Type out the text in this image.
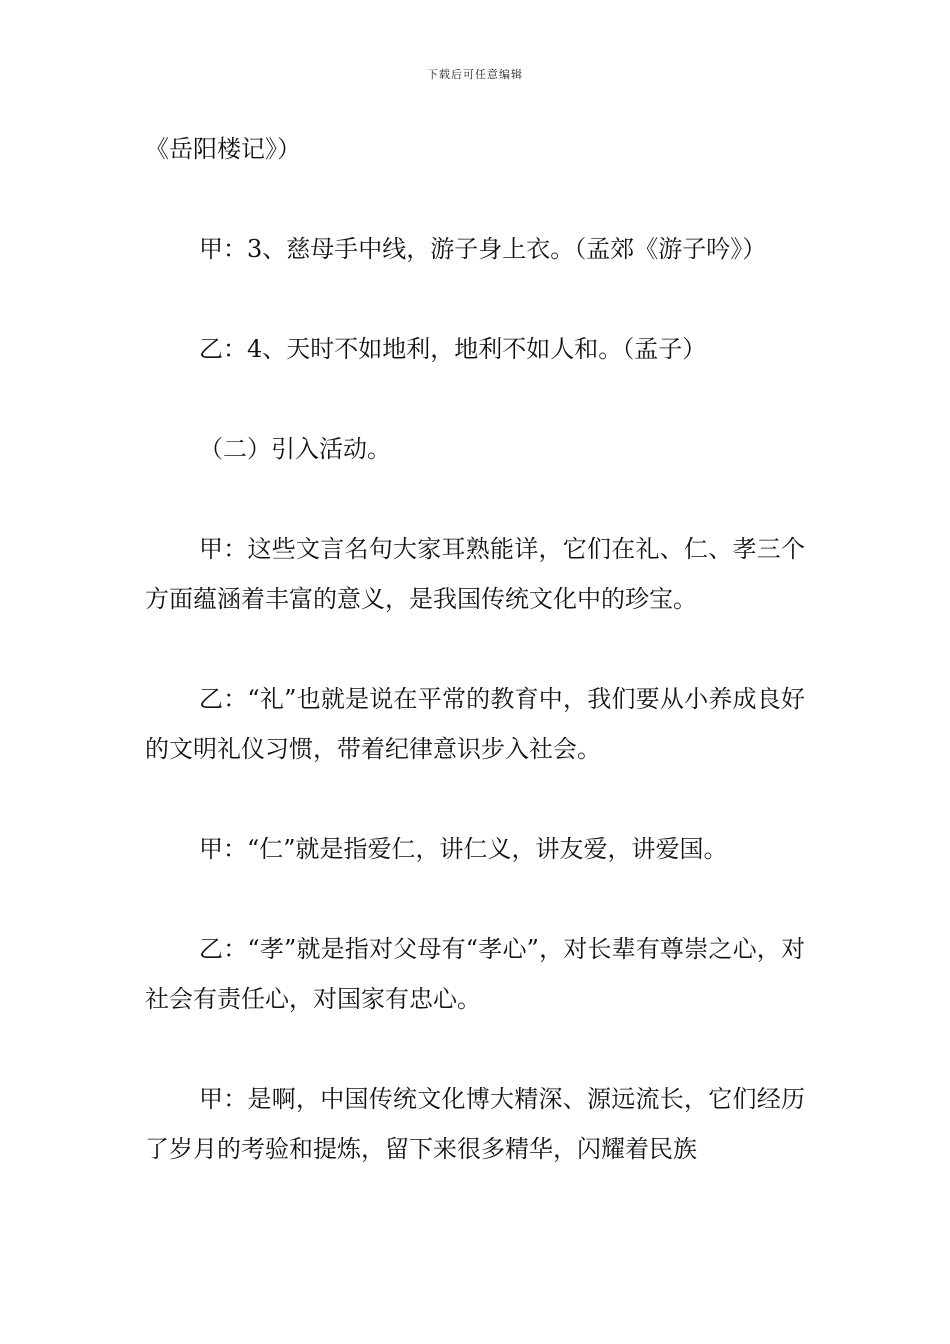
下载后可任意编辑

《岳阳楼记》）

甲：3、慈母手中线，游子身上衣。（孟郊《游子吟》）

乙：4、天时不如地利，地利不如人和。（孟子）

（二）引入活动。

甲：这些文言名句大家耳熟能详，它们在礼、仁、孝三个方面蕴涵着丰富的意义，是我国传统文化中的珍宝。

乙：“礼”也就是说在平常的教育中，我们要从小养成良好的文明礼仪习惯，带着纪律意识步入社会。

甲：“仁”就是指爱仁，讲仁义，讲友爱，讲爱国。

乙：“孝”就是指对父母有“孝心”，对长辈有尊崇之心，对社会有责任心，对国家有忠心。

甲：是啊，中国传统文化博大精深、源远流长，它们经历了岁月的考验和提炼，留下来很多精华，闪耀着民族
